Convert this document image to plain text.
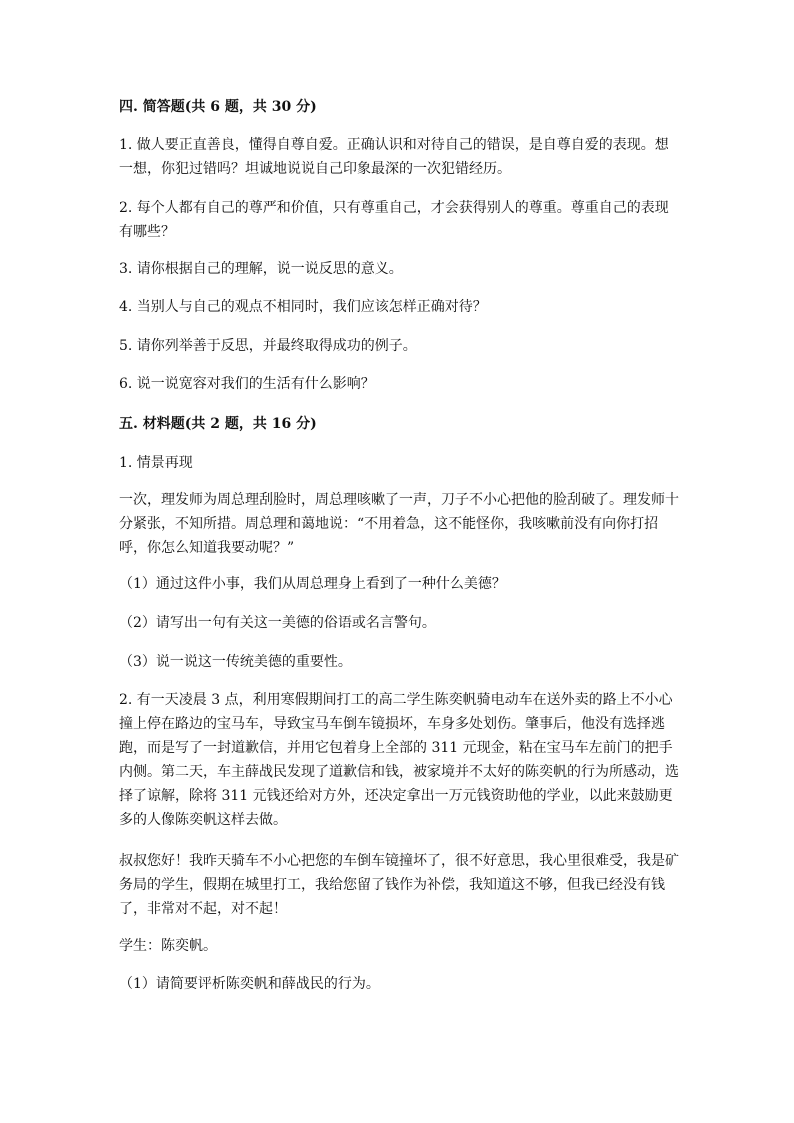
四. 简答题(共 6 题，共 30 分)

1. 做人要正直善良，懂得自尊自爱。正确认识和对待自己的错误，是自尊自爱的表现。想一想，你犯过错吗？坦诚地说说自己印象最深的一次犯错经历。

2. 每个人都有自己的尊严和价值，只有尊重自己，才会获得别人的尊重。尊重自己的表现有哪些？

3. 请你根据自己的理解，说一说反思的意义。

4. 当别人与自己的观点不相同时，我们应该怎样正确对待？

5. 请你列举善于反思，并最终取得成功的例子。

6. 说一说宽容对我们的生活有什么影响？

五. 材料题(共 2 题，共 16 分)

1. 情景再现

一次，理发师为周总理刮脸时，周总理咳嗽了一声，刀子不小心把他的脸刮破了。理发师十分紧张，不知所措。周总理和蔼地说：“不用着急，这不能怪你，我咳嗽前没有向你打招呼，你怎么知道我要动呢？”

（1）通过这件小事，我们从周总理身上看到了一种什么美德？

（2）请写出一句有关这一美德的俗语或名言警句。

（3）说一说这一传统美德的重要性。

2. 有一天凌晨 3 点，利用寒假期间打工的高二学生陈奕帆骑电动车在送外卖的路上不小心撞上停在路边的宝马车，导致宝马车倒车镜损坏，车身多处划伤。肇事后，他没有选择逃跑，而是写了一封道歉信，并用它包着身上全部的 311 元现金，粘在宝马车左前门的把手内侧。第二天，车主薛战民发现了道歉信和钱，被家境并不太好的陈奕帆的行为所感动，选择了谅解，除将 311 元钱还给对方外，还决定拿出一万元钱资助他的学业，以此来鼓励更多的人像陈奕帆这样去做。

叔叔您好！我昨天骑车不小心把您的车倒车镜撞坏了，很不好意思，我心里很难受，我是矿务局的学生，假期在城里打工，我给您留了钱作为补偿，我知道这不够，但我已经没有钱了，非常对不起，对不起！

学生：陈奕帆。

（1）请简要评析陈奕帆和薛战民的行为。
